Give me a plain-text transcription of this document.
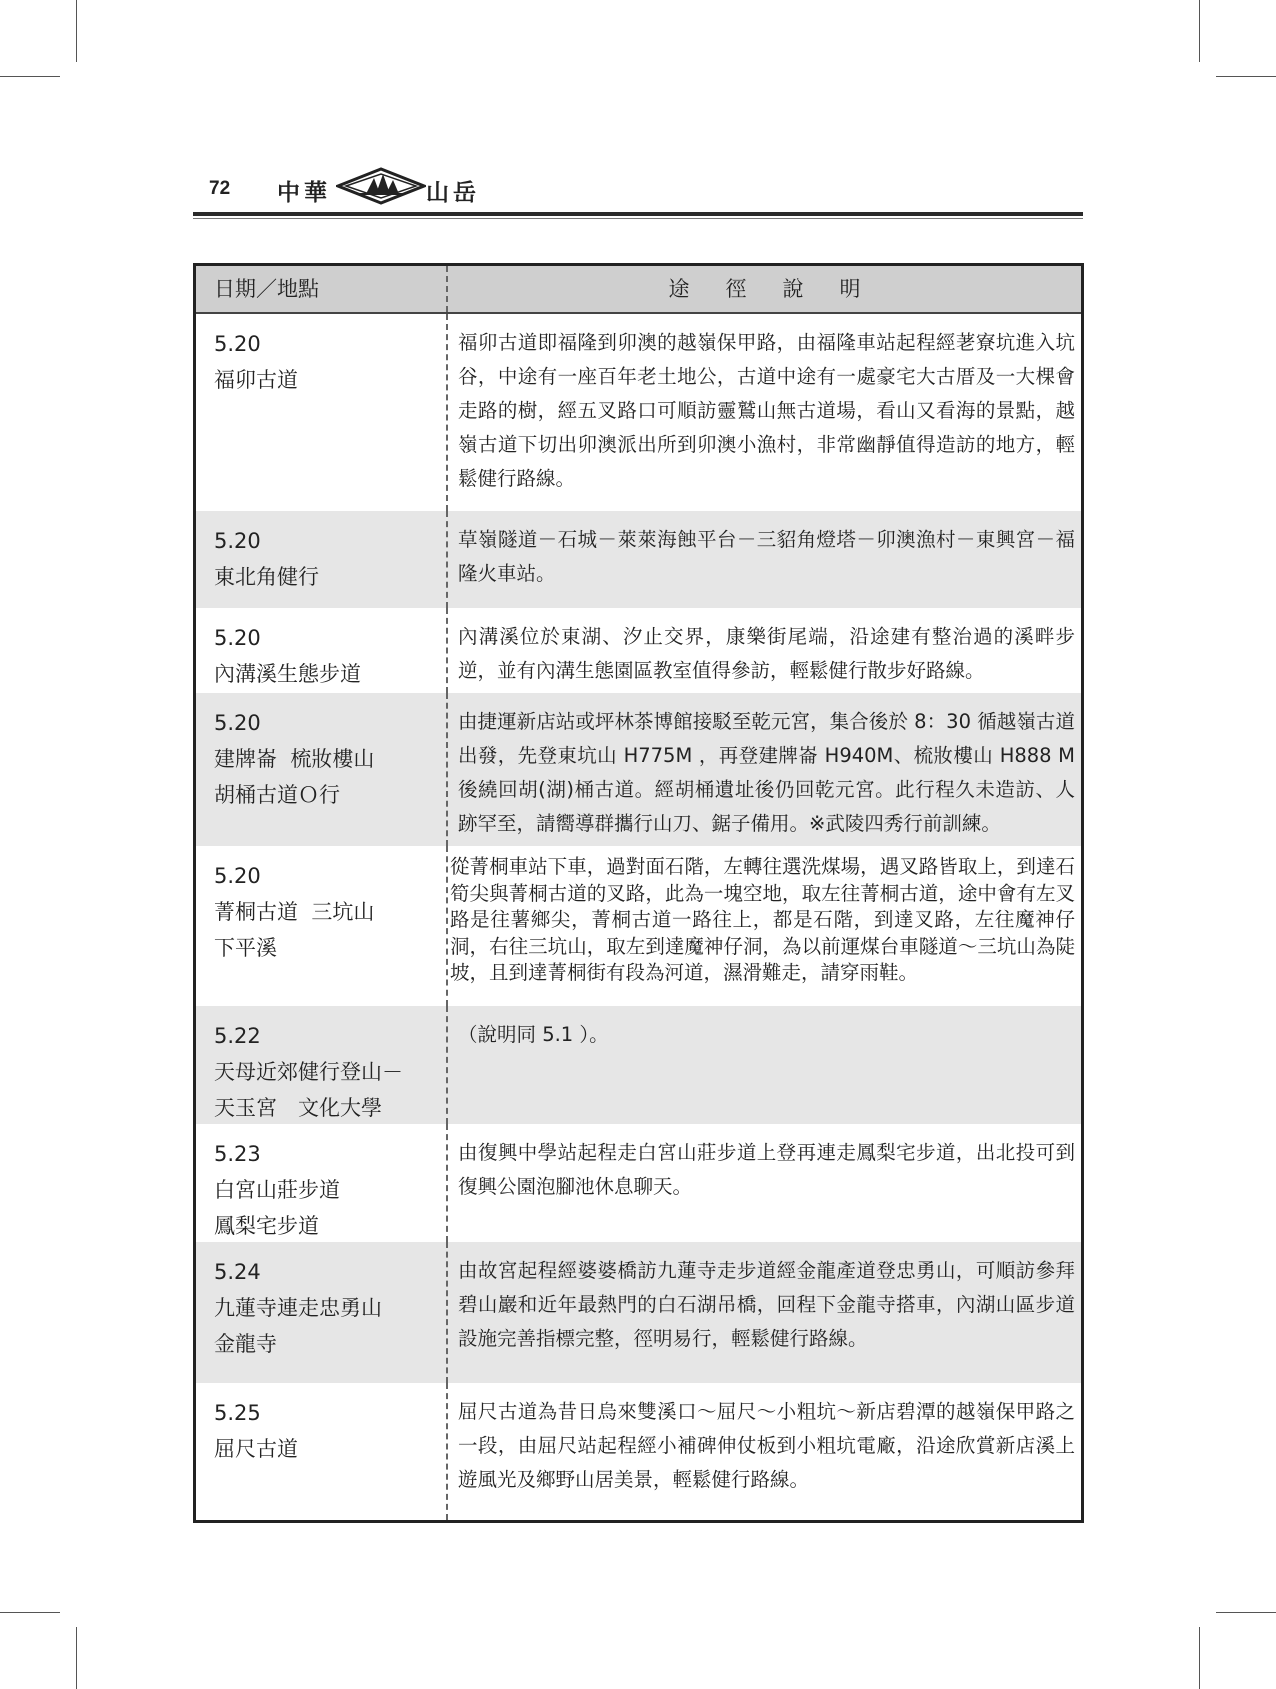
72 中華	山岳
日期／地點	途徑說明
5.20
福卯古道
福卯古道即福隆到卯澳的越嶺保甲路，由福隆車站起程經荖寮坑進入坑谷，中途有一座百年老土地公，古道中途有一處豪宅大古厝及一大棵會走路的樹，經五叉路口可順訪靈鷲山無古道場，看山又看海的景點，越嶺古道下切出卯澳派出所到卯澳小漁村，非常幽靜值得造訪的地方，輕鬆健行路線。
5.20
東北角健行
草嶺隧道－石城－萊萊海蝕平台－三貂角燈塔－卯澳漁村－東興宮－福隆火車站。
5.20
內溝溪生態步道
內溝溪位於東湖、汐止交界，康樂街尾端，沿途建有整治過的溪畔步逆，並有內溝生態園區教室值得參訪，輕鬆健行散步好路線。
5.20
建牌崙  梳妝樓山
胡桶古道Ｏ行
由捷運新店站或坪林茶博館接駁至乾元宮，集合後於 8：30 循越嶺古道出發，先登東坑山 H775M ，再登建牌崙 H940M、梳妝樓山 H888 M後繞回胡(湖)桶古道。經胡桶遺址後仍回乾元宮。此行程久未造訪、人跡罕至，請嚮導群攜行山刀、鋸子備用。※武陵四秀行前訓練。
5.20
菁桐古道  三坑山
下平溪
從菁桐車站下車，過對面石階，左轉往選洗煤場，遇叉路皆取上，到達石筍尖與菁桐古道的叉路，此為一塊空地，取左往菁桐古道，途中會有左叉路是往薯鄉尖，菁桐古道一路往上，都是石階，到達叉路，左往魔神仔洞，右往三坑山，取左到達魔神仔洞，為以前運煤台車隧道～三坑山為陡坡，且到達菁桐街有段為河道，濕滑難走，請穿雨鞋。
5.22
天母近郊健行登山－
天玉宮　文化大學
（說明同 5.1 ）。
5.23
白宮山莊步道
鳳梨宅步道
由復興中學站起程走白宮山莊步道上登再連走鳳梨宅步道，出北投可到復興公園泡腳池休息聊天。
5.24
九蓮寺連走忠勇山
金龍寺
由故宮起程經婆婆橋訪九蓮寺走步道經金龍產道登忠勇山，可順訪參拜碧山巖和近年最熱門的白石湖吊橋，回程下金龍寺搭車，內湖山區步道設施完善指標完整，徑明易行，輕鬆健行路線。
5.25
屈尺古道
屈尺古道為昔日烏來雙溪口～屈尺～小粗坑～新店碧潭的越嶺保甲路之一段，由屈尺站起程經小補碑伸仗板到小粗坑電廠，沿途欣賞新店溪上遊風光及鄉野山居美景，輕鬆健行路線。
